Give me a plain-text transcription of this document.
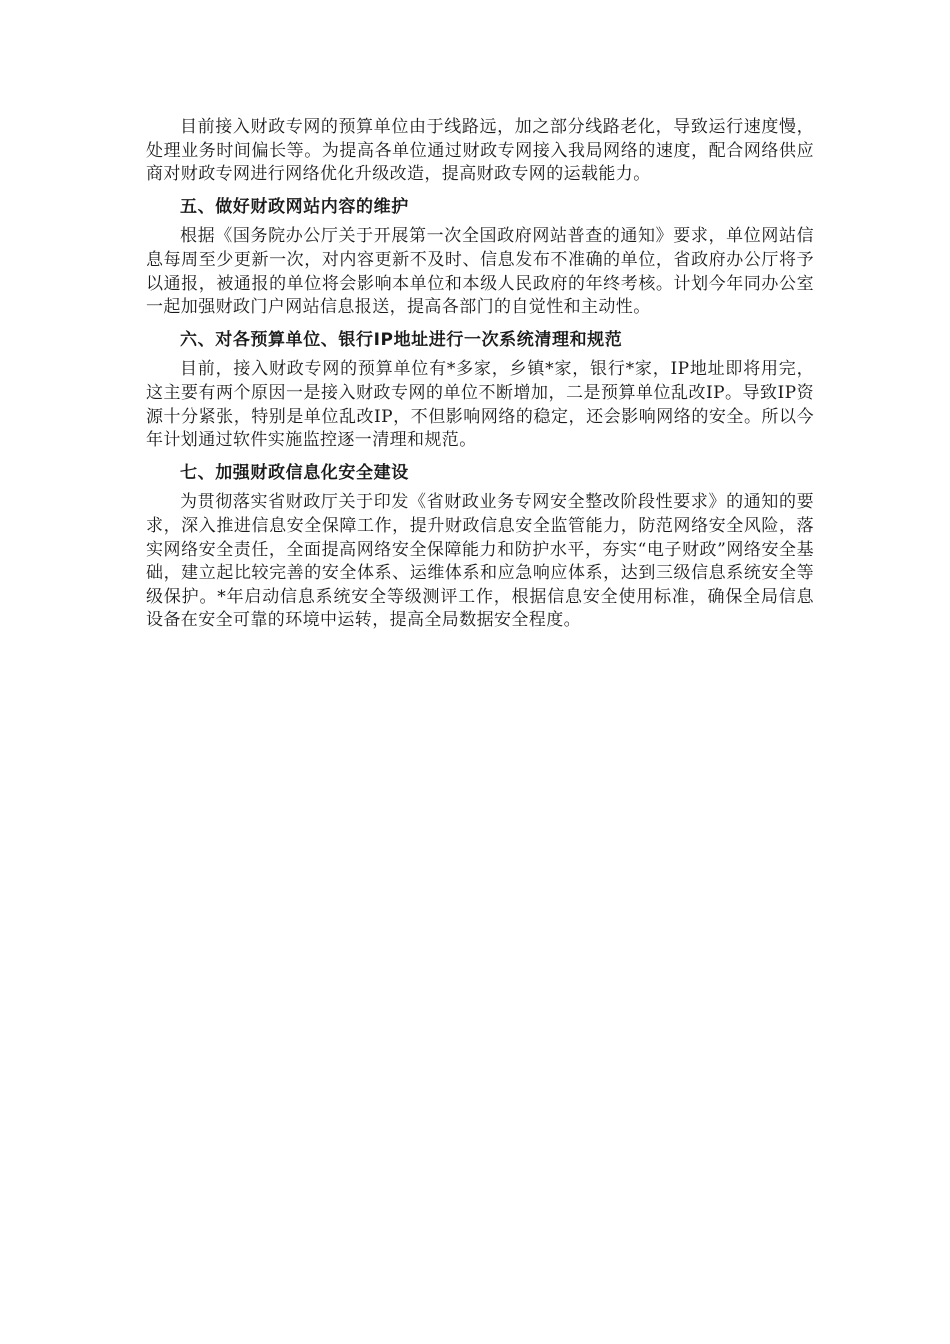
目前接入财政专网的预算单位由于线路远，加之部分线路老化，导致运行速度慢，处理业务时间偏长等。为提高各单位通过财政专网接入我局网络的速度，配合网络供应商对财政专网进行网络优化升级改造，提高财政专网的运载能力。

五、做好财政网站内容的维护

根据《国务院办公厅关于开展第一次全国政府网站普查的通知》要求，单位网站信息每周至少更新一次，对内容更新不及时、信息发布不准确的单位，省政府办公厅将予以通报，被通报的单位将会影响本单位和本级人民政府的年终考核。计划今年同办公室一起加强财政门户网站信息报送，提高各部门的自觉性和主动性。

六、对各预算单位、银行IP地址进行一次系统清理和规范

目前，接入财政专网的预算单位有*多家，乡镇*家，银行*家，IP地址即将用完，这主要有两个原因一是接入财政专网的单位不断增加，二是预算单位乱改IP。导致IP资源十分紧张，特别是单位乱改IP，不但影响网络的稳定，还会影响网络的安全。所以今年计划通过软件实施监控逐一清理和规范。

七、加强财政信息化安全建设

为贯彻落实省财政厅关于印发《省财政业务专网安全整改阶段性要求》的通知的要求，深入推进信息安全保障工作，提升财政信息安全监管能力，防范网络安全风险，落实网络安全责任，全面提高网络安全保障能力和防护水平，夯实“电子财政”网络安全基础，建立起比较完善的安全体系、运维体系和应急响应体系，达到三级信息系统安全等级保护。*年启动信息系统安全等级测评工作，根据信息安全使用标准，确保全局信息设备在安全可靠的环境中运转，提高全局数据安全程度。
